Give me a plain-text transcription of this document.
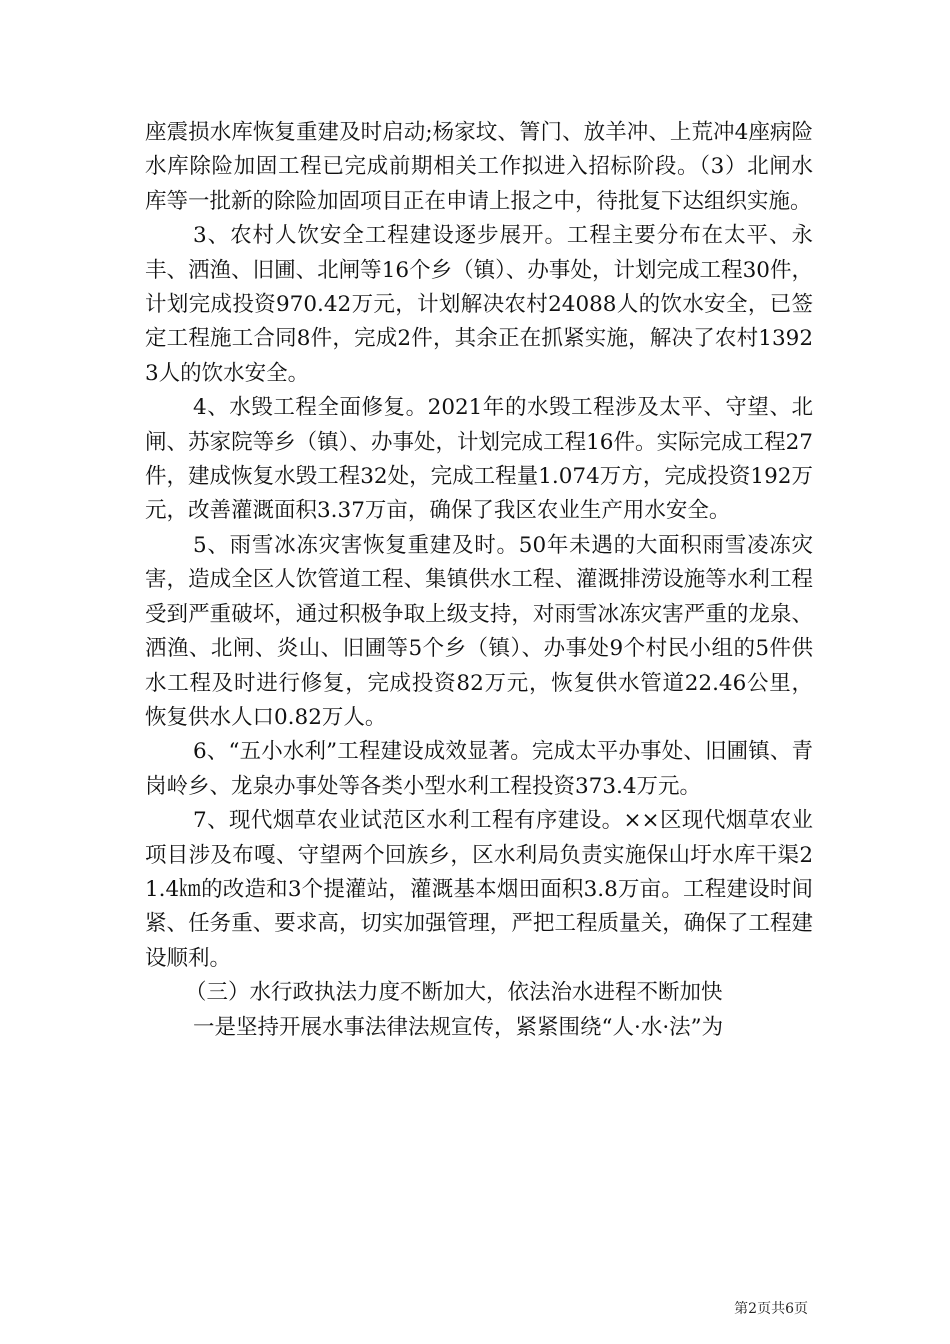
座震损水库恢复重建及时启动;杨家坟、箐门、放羊冲、上荒冲4座病险水库除险加固工程已完成前期相关工作拟进入招标阶段。（3）北闸水库等一批新的除险加固项目正在申请上报之中，待批复下达组织实施。

3、农村人饮安全工程建设逐步展开。工程主要分布在太平、永丰、洒渔、旧圃、北闸等16个乡（镇）、办事处，计划完成工程30件，计划完成投资970.42万元，计划解决农村24088人的饮水安全，已签定工程施工合同8件，完成2件，其余正在抓紧实施，解决了农村13923人的饮水安全。

4、水毁工程全面修复。2021年的水毁工程涉及太平、守望、北闸、苏家院等乡（镇）、办事处，计划完成工程16件。实际完成工程27件，建成恢复水毁工程32处，完成工程量1.074万方，完成投资192万元，改善灌溉面积3.37万亩，确保了我区农业生产用水安全。

5、雨雪冰冻灾害恢复重建及时。50年未遇的大面积雨雪凌冻灾害，造成全区人饮管道工程、集镇供水工程、灌溉排涝设施等水利工程受到严重破坏，通过积极争取上级支持，对雨雪冰冻灾害严重的龙泉、洒渔、北闸、炎山、旧圃等5个乡（镇）、办事处9个村民小组的5件供水工程及时进行修复，完成投资82万元，恢复供水管道22.46公里，恢复供水人口0.82万人。

6、“五小水利”工程建设成效显著。完成太平办事处、旧圃镇、青岗岭乡、龙泉办事处等各类小型水利工程投资373.4万元。

7、现代烟草农业试范区水利工程有序建设。××区现代烟草农业项目涉及布嘎、守望两个回族乡，区水利局负责实施保山圩水库干渠21.4㎞的改造和3个提灌站，灌溉基本烟田面积3.8万亩。工程建设时间紧、任务重、要求高，切实加强管理，严把工程质量关，确保了工程建设顺利。

（三）水行政执法力度不断加大，依法治水进程不断加快

一是坚持开展水事法律法规宣传，紧紧围绕“人·水·法”为

第2页共6页
